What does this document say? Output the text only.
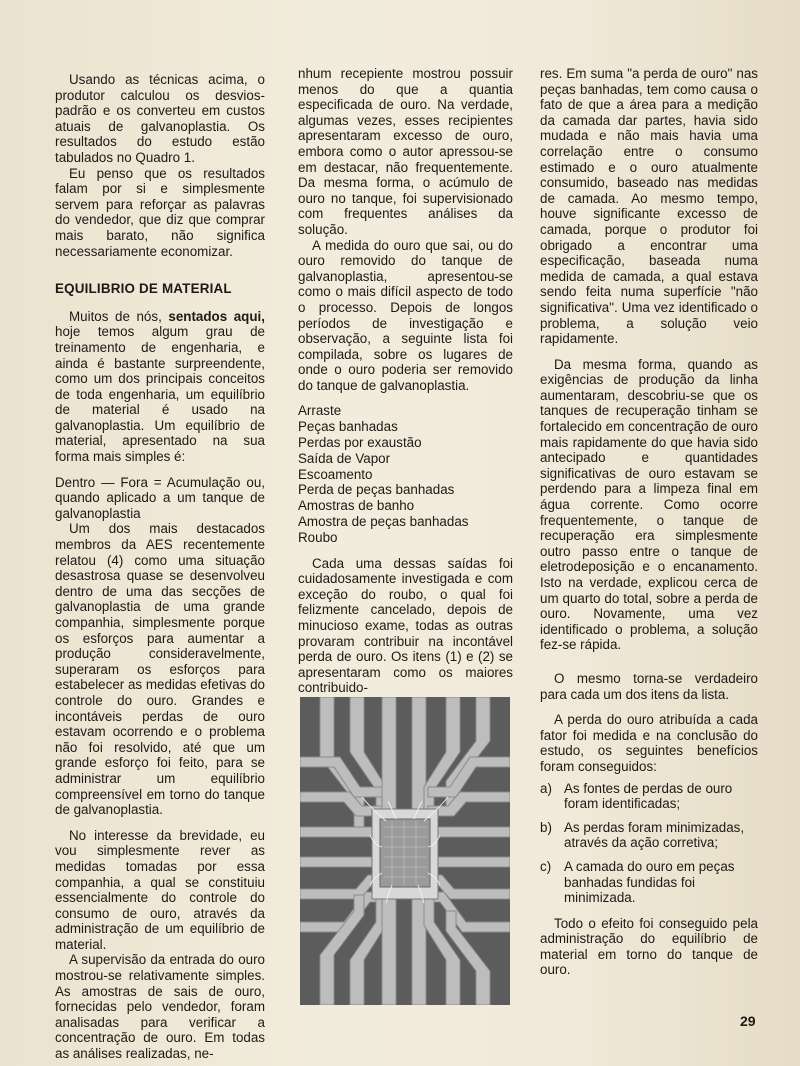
Usando as técnicas acima, o produtor calculou os desvios-padrão e os converteu em custos atuais de galvanoplastia. Os resultados do estudo estão tabulados no Quadro 1.

Eu penso que os resultados falam por si e simplesmente servem para reforçar as palavras do vendedor, que diz que comprar mais barato, não significa necessariamente economizar.

EQUILIBRIO DE MATERIAL

Muitos de nós, sentados aqui, hoje temos algum grau de treinamento de engenharia, e ainda é bastante surpreendente, como um dos principais conceitos de toda engenharia, um equilíbrio de material é usado na galvanoplastia. Um equilíbrio de material, apresentado na sua forma mais simples é:

Dentro — Fora = Acumulação ou, quando aplicado a um tanque de galvanoplastia

Um dos mais destacados membros da AES recentemente relatou (4) como uma situação desastrosa quase se desenvolveu dentro de uma das secções de galvanoplastia de uma grande companhia, simplesmente porque os esforços para aumentar a produção consideravelmente, superaram os esforços para estabelecer as medidas efetivas do controle do ouro. Grandes e incontáveis perdas de ouro estavam ocorrendo e o problema não foi resolvido, até que um grande esforço foi feito, para se administrar um equilíbrio compreensível em torno do tanque de galvanoplastia.

No interesse da brevidade, eu vou simplesmente rever as medidas tomadas por essa companhia, a qual se constituiu essencialmente do controle do consumo de ouro, através da administração de um equilíbrio de material.

A supervisão da entrada do ouro mostrou-se relativamente simples. As amostras de sais de ouro, fornecidas pelo vendedor, foram analisadas para verificar a concentração de ouro. Em todas as análises realizadas, ne-

nhum recepiente mostrou possuir menos do que a quantia especificada de ouro. Na verdade, algumas vezes, esses recipientes apresentaram excesso de ouro, embora como o autor apressou-se em destacar, não frequentemente. Da mesma forma, o acúmulo de ouro no tanque, foi supervisionado com frequentes análises da solução.

A medida do ouro que sai, ou do ouro removido do tanque de galvanoplastia, apresentou-se como o mais difícil aspecto de todo o processo. Depois de longos períodos de investigação e observação, a seguinte lista foi compilada, sobre os lugares de onde o ouro poderia ser removido do tanque de galvanoplastia.

Arraste
Peças banhadas
Perdas por exaustão
Saída de Vapor
Escoamento
Perda de peças banhadas
Amostras de banho
Amostra de peças banhadas
Roubo

Cada uma dessas saídas foi cuidadosamente investigada e com exceção do roubo, o qual foi felizmente cancelado, depois de minucioso exame, todas as outras provaram contribuir na incontável perda de ouro. Os itens (1) e (2) se apresentaram como os maiores contribuido-

res. Em suma "a perda de ouro" nas peças banhadas, tem como causa o fato de que a área para a medição da camada dar partes, havia sido mudada e não mais havia uma correlação entre o consumo estimado e o ouro atualmente consumido, baseado nas medidas de camada. Ao mesmo tempo, houve significante excesso de camada, porque o produtor foi obrigado a encontrar uma especificação, baseada numa medida de camada, a qual estava sendo feita numa superfície "não significativa". Uma vez identificado o problema, a solução veio rapidamente.

Da mesma forma, quando as exigências de produção da linha aumentaram, descobriu-se que os tanques de recuperação tinham se fortalecido em concentração de ouro mais rapidamente do que havia sido antecipado e quantidades significativas de ouro estavam se perdendo para a limpeza final em água corrente. Como ocorre frequentemente, o tanque de recuperação era simplesmente outro passo entre o tanque de eletrodeposição e o encanamento. Isto na verdade, explicou cerca de um quarto do total, sobre a perda de ouro. Novamente, uma vez identificado o problema, a solução fez-se rápida.

O mesmo torna-se verdadeiro para cada um dos itens da lista.

A perda do ouro atribuída a cada fator foi medida e na conclusão do estudo, os seguintes benefícios foram conseguidos:

a) As fontes de perdas de ouro foram identificadas;
b) As perdas foram minimizadas, através da ação corretiva;
c) A camada do ouro em peças banhadas fundidas foi minimizada.

Todo o efeito foi conseguido pela administração do equilíbrio de material em torno do tanque de ouro.

29
